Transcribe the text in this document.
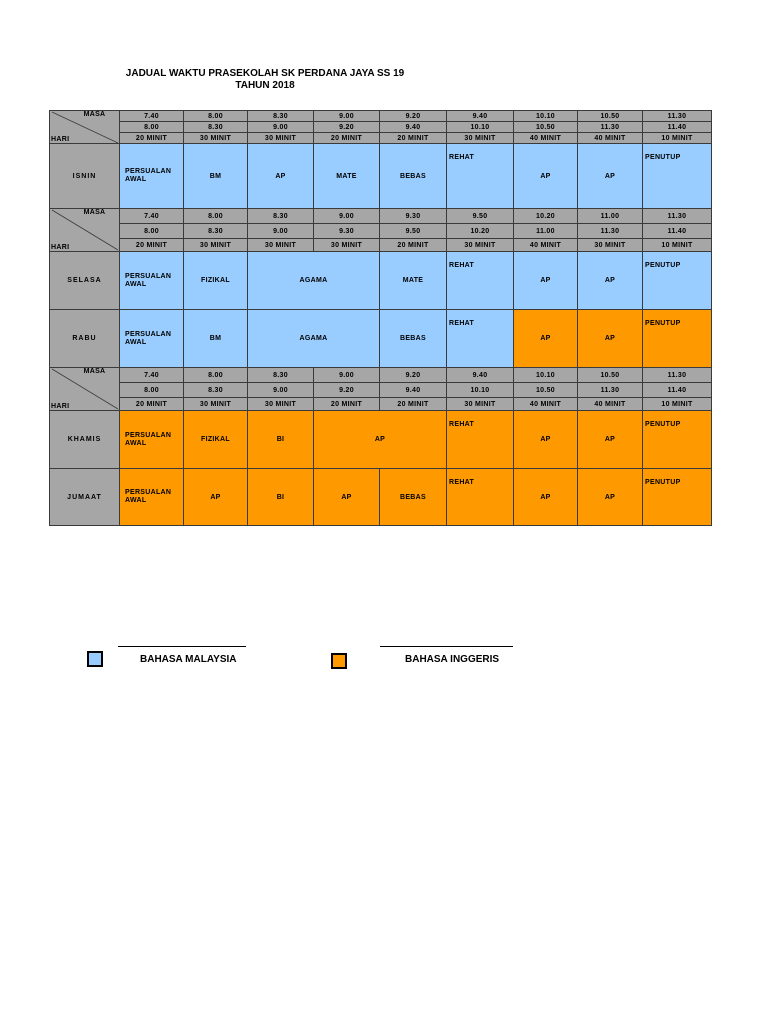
JADUAL WAKTU PRASEKOLAH SK PERDANA JAYA SS 19
TAHUN 2018
MASA
HARI	7.40	8.00	8.30	9.00	9.20	9.40	10.10	10.50	11.30
	8.00	8.30	9.00	9.20	9.40	10.10	10.50	11.30	11.40
	20 MINIT	30 MINIT	30 MINIT	20 MINIT	20 MINIT	30 MINIT	40 MINIT	40 MINIT	10 MINIT
ISNIN	PERSUALAN AWAL	BM	AP	MATE	BEBAS	REHAT	AP	AP	PENUTUP

MASA
HARI	7.40	8.00	8.30	9.00	9.30	9.50	10.20	11.00	11.30
	8.00	8.30	9.00	9.30	9.50	10.20	11.00	11.30	11.40
	20 MINIT	30 MINIT	30 MINIT	30 MINIT	20 MINIT	30 MINIT	40 MINIT	30 MINIT	10 MINIT
SELASA	PERSUALAN AWAL	FIZIKAL	AGAMA		MATE	REHAT	AP	AP	PENUTUP
RABU	PERSUALAN AWAL	BM	AGAMA		BEBAS	REHAT	AP	AP	PENUTUP

MASA
HARI	7.40	8.00	8.30	9.00	9.20	9.40	10.10	10.50	11.30
	8.00	8.30	9.00	9.20	9.40	10.10	10.50	11.30	11.40
	20 MINIT	30 MINIT	30 MINIT	20 MINIT	20 MINIT	30 MINIT	40 MINIT	40 MINIT	10 MINIT
KHAMIS	PERSUALAN AWAL	FIZIKAL	BI	AP		REHAT	AP	AP	PENUTUP
JUMAAT	PERSUALAN AWAL	AP	BI	AP	BEBAS	REHAT	AP	AP	PENUTUP
BAHASA MALAYSIA	BAHASA INGGERIS
